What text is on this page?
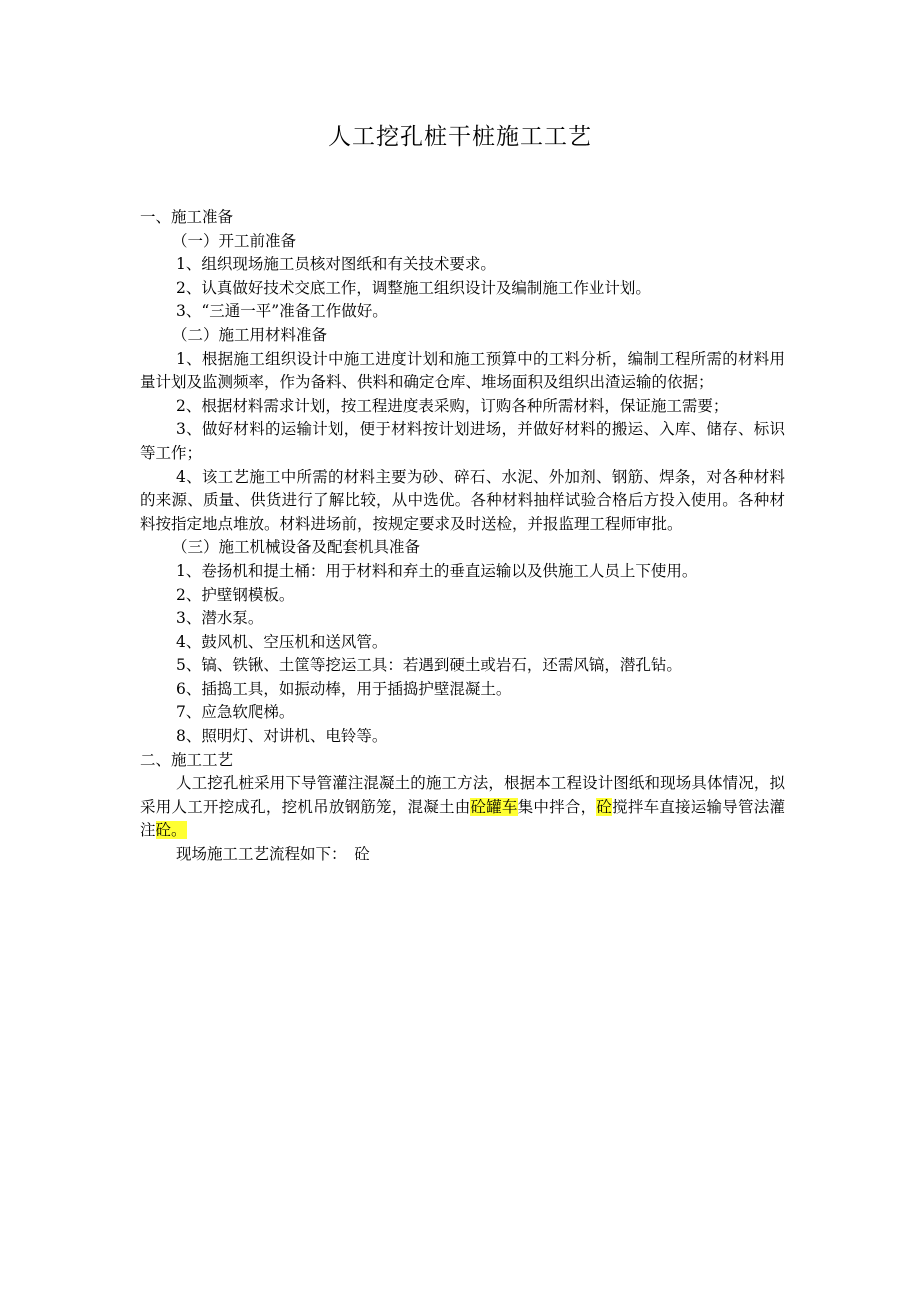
人工挖孔桩干桩施工工艺

一、施工准备

（一）开工前准备

1、组织现场施工员核对图纸和有关技术要求。

2、认真做好技术交底工作，调整施工组织设计及编制施工作业计划。

3、“三通一平”准备工作做好。

（二）施工用材料准备

1、根据施工组织设计中施工进度计划和施工预算中的工料分析，编制工程所需的材料用量计划及监测频率，作为备料、供料和确定仓库、堆场面积及组织出渣运输的依据；

2、根据材料需求计划，按工程进度表采购，订购各种所需材料，保证施工需要；

3、做好材料的运输计划，便于材料按计划进场，并做好材料的搬运、入库、储存、标识等工作；

4、该工艺施工中所需的材料主要为砂、碎石、水泥、外加剂、钢筋、焊条，对各种材料的来源、质量、供货进行了解比较，从中选优。各种材料抽样试验合格后方投入使用。各种材料按指定地点堆放。材料进场前，按规定要求及时送检，并报监理工程师审批。

（三）施工机械设备及配套机具准备

1、卷扬机和提土桶：用于材料和弃土的垂直运输以及供施工人员上下使用。

2、护壁钢模板。

3、潜水泵。

4、鼓风机、空压机和送风管。

5、镐、铁锹、土筐等挖运工具：若遇到硬土或岩石，还需风镐，潜孔钻。

6、插捣工具，如振动棒，用于插捣护壁混凝土。

7、应急软爬梯。

8、照明灯、对讲机、电铃等。

二、施工工艺

人工挖孔桩采用下导管灌注混凝土的施工方法，根据本工程设计图纸和现场具体情况，拟采用人工开挖成孔，挖机吊放钢筋笼，混凝土由砼罐车集中拌合，砼搅拌车直接运输导管法灌注砼。

现场施工工艺流程如下：　砼
